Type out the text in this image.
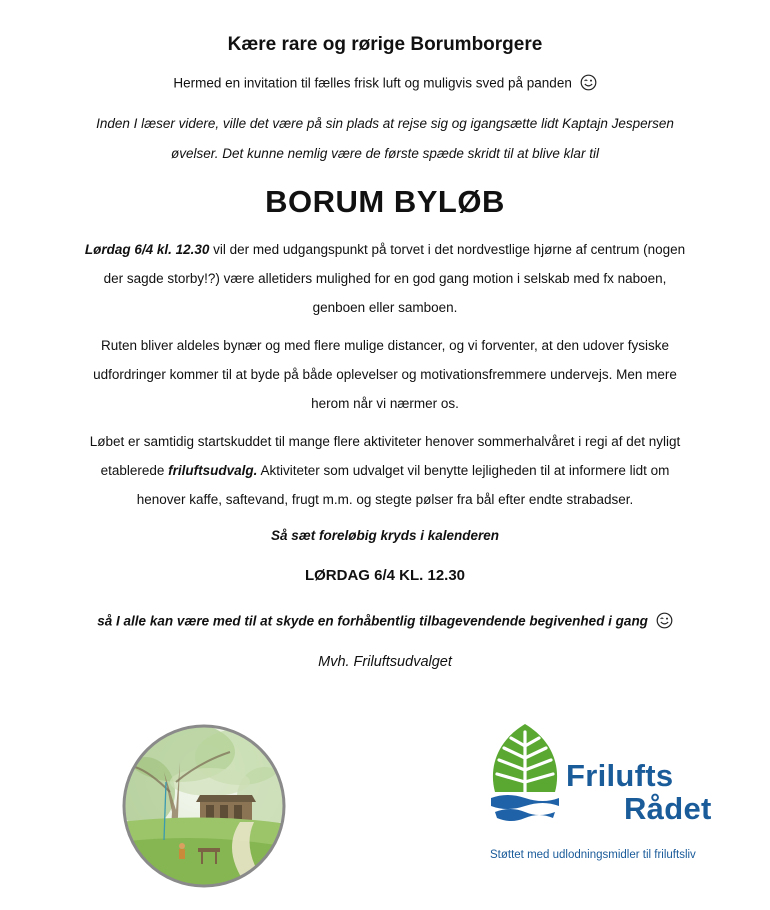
Kære rare og rørige Borumborgere
Hermed en invitation til fælles frisk luft og muligvis sved på panden
Inden I læser videre, ville det være på sin plads at rejse sig og igangsætte lidt Kaptajn Jespersen
øvelser. Det kunne nemlig være de første spæde skridt til at blive klar til
BORUM BYLØB
Lørdag 6/4 kl. 12.30 vil der med udgangspunkt på torvet i det nordvestlige hjørne af centrum (nogen der sagde storby!?) være alletiders mulighed for en god gang motion i selskab med fx naboen, genboen eller samboen.
Ruten bliver aldeles bynær og med flere mulige distancer, og vi forventer, at den udover fysiske udfordringer kommer til at byde på både oplevelser og motivationsfremmere undervejs. Men mere herom når vi nærmer os.
Løbet er samtidig startskuddet til mange flere aktiviteter henover sommerhalvåret i regi af det nyligt etablerede friluftsudvalg. Aktiviteter som udvalget vil benytte lejligheden til at informere lidt om henover kaffe, saftevand, frugt m.m. og stegte pølser fra bål efter endte strabadser.
Så sæt foreløbig kryds i kalenderen
LØRDAG 6/4 KL. 12.30
så I alle kan være med til at skyde en forhåbentlig tilbagevendende begivenhed i gang
Mvh. Friluftsudvalget
Frilufts
Rådet
Støttet med udlodningsmidler til friluftsliv
